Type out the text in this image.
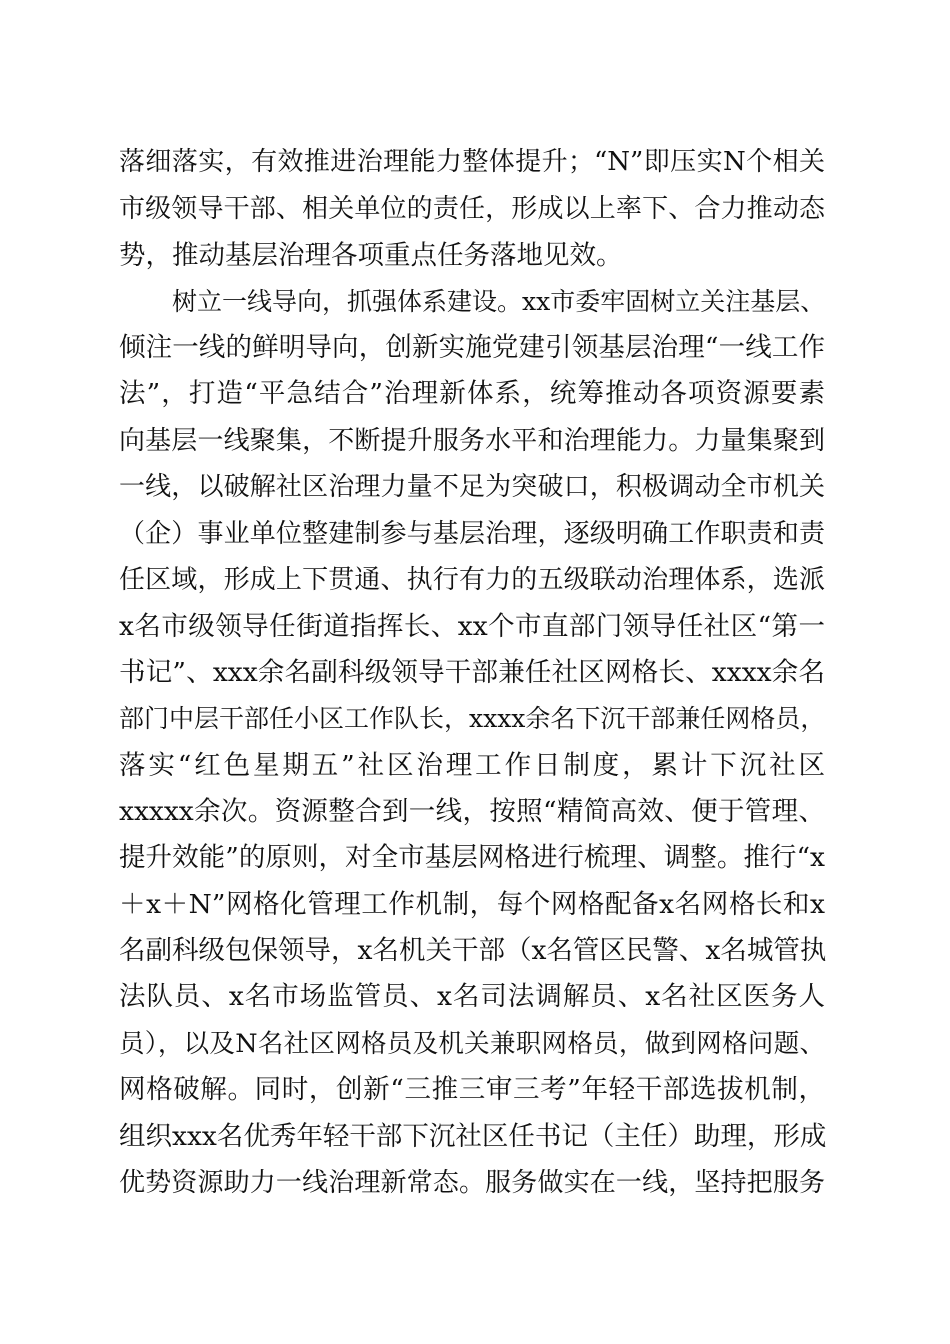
落细落实，有效推进治理能力整体提升；“N”即压实N个相关
市级领导干部、相关单位的责任，形成以上率下、合力推动态
势，推动基层治理各项重点任务落地见效。
树立一线导向，抓强体系建设。xx市委牢固树立关注基层、
倾注一线的鲜明导向，创新实施党建引领基层治理“一线工作
法”，打造“平急结合”治理新体系，统筹推动各项资源要素
向基层一线聚集，不断提升服务水平和治理能力。力量集聚到
一线，以破解社区治理力量不足为突破口，积极调动全市机关
（企）事业单位整建制参与基层治理，逐级明确工作职责和责
任区域，形成上下贯通、执行有力的五级联动治理体系，选派
x名市级领导任街道指挥长、xx个市直部门领导任社区“第一
书记”、xxx余名副科级领导干部兼任社区网格长、xxxx余名
部门中层干部任小区工作队长，xxxx余名下沉干部兼任网格员，
落实“红色星期五”社区治理工作日制度，累计下沉社区
xxxxx余次。资源整合到一线，按照“精简高效、便于管理、
提升效能”的原则，对全市基层网格进行梳理、调整。推行“x
＋x＋N”网格化管理工作机制，每个网格配备x名网格长和x
名副科级包保领导，x名机关干部（x名管区民警、x名城管执
法队员、x名市场监管员、x名司法调解员、x名社区医务人
员），以及N名社区网格员及机关兼职网格员，做到网格问题、
网格破解。同时，创新“三推三审三考”年轻干部选拔机制，
组织xxx名优秀年轻干部下沉社区任书记（主任）助理，形成
优势资源助力一线治理新常态。服务做实在一线，坚持把服务
